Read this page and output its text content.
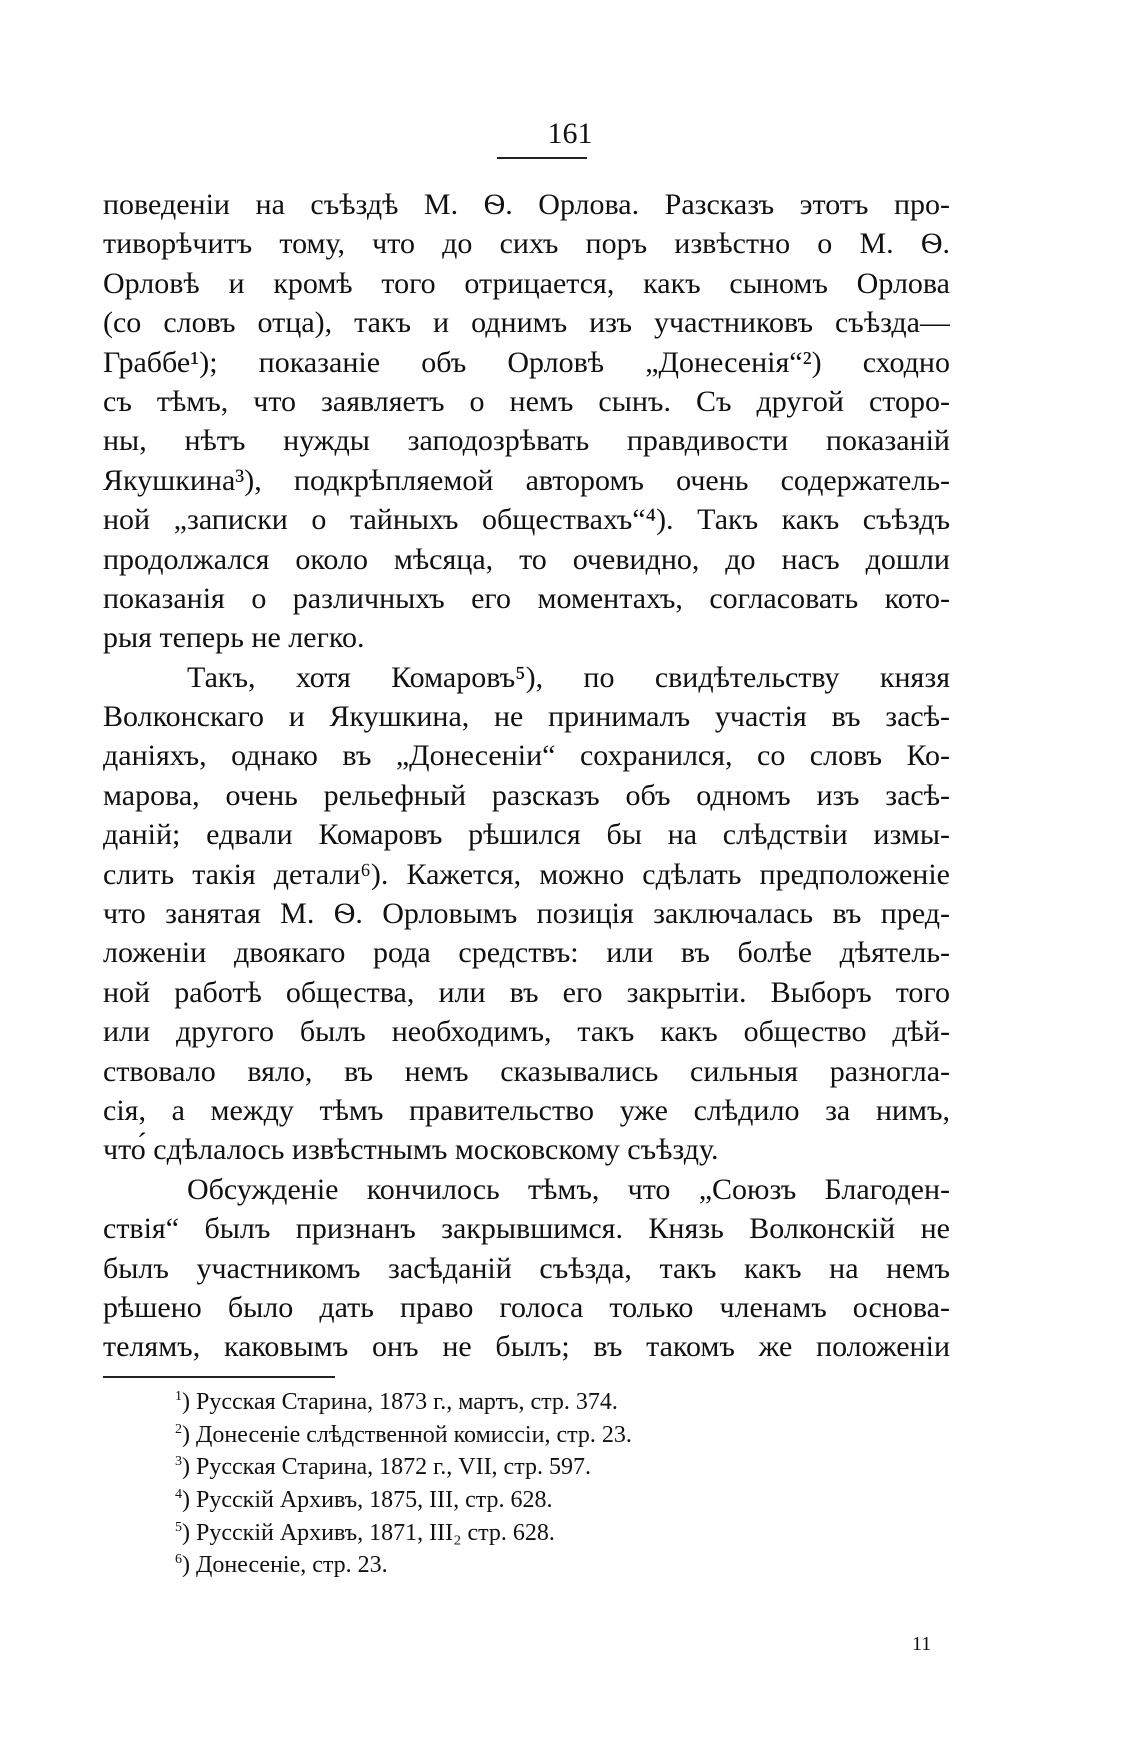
161
поведеніи на съѣздѣ М. Ѳ. Орлова. Разсказъ этотъ про-
тиворѣчитъ тому, что до сихъ поръ извѣстно о М. Ѳ.
Орловѣ и кромѣ того отрицается, какъ сыномъ Орлова
(со словъ отца), такъ и однимъ изъ участниковъ съѣзда—
Граббе¹); показаніе объ Орловѣ „Донесенія“²) сходно
съ тѣмъ, что заявляетъ о немъ сынъ. Съ другой сторо-
ны, нѣтъ нужды заподозрѣвать правдивости показаній
Якушкина³), подкрѣпляемой авторомъ очень содержатель-
ной „записки о тайныхъ обществахъ“⁴). Такъ какъ съѣздъ
продолжался около мѣсяца, то очевидно, до насъ дошли
показанія о различныхъ его моментахъ, согласовать кото-
рыя теперь не легко.
Такъ, хотя Комаровъ⁵), по свидѣтельству князя
Волконскаго и Якушкина, не принималъ участія въ засѣ-
даніяхъ, однако въ „Донесеніи“ сохранился, со словъ Ко-
марова, очень рельефный разсказъ объ одномъ изъ засѣ-
даній; едвали Комаровъ рѣшился бы на слѣдствіи измы-
слить такія детали⁶). Кажется, можно сдѣлать предположеніе
что занятая М. Ѳ. Орловымъ позиція заключалась въ пред-
ложеніи двоякаго рода средствъ: или въ болѣе дѣятель-
ной работѣ общества, или въ его закрытіи. Выборъ того
или другого былъ необходимъ, такъ какъ общество дѣй-
ствовало вяло, въ немъ сказывались сильныя разногла-
сія, а между тѣмъ правительство уже слѣдило за нимъ,
что́ сдѣлалось извѣстнымъ московскому съѣзду.
Обсужденіе кончилось тѣмъ, что „Союзъ Благоден-
ствія“ былъ признанъ закрывшимся. Князь Волконскій не
былъ участникомъ засѣданій съѣзда, такъ какъ на немъ
рѣшено было дать право голоса только членамъ основа-
телямъ, каковымъ онъ не былъ; въ такомъ же положеніи
$^1$) Русская Старина, 1873 г., мартъ, стр. 374.
$^2$) Донесеніе слѣдственной комиссіи, стр. 23.
$^3$) Русская Старина, 1872 г., VII, стр. 597.
$^4$) Русскій Архивъ, 1875, III, стр. 628.
$^5$) Русскій Архивъ, 1871, III₂ стр. 628.
$^6$) Донесеніе, стр. 23.
11
